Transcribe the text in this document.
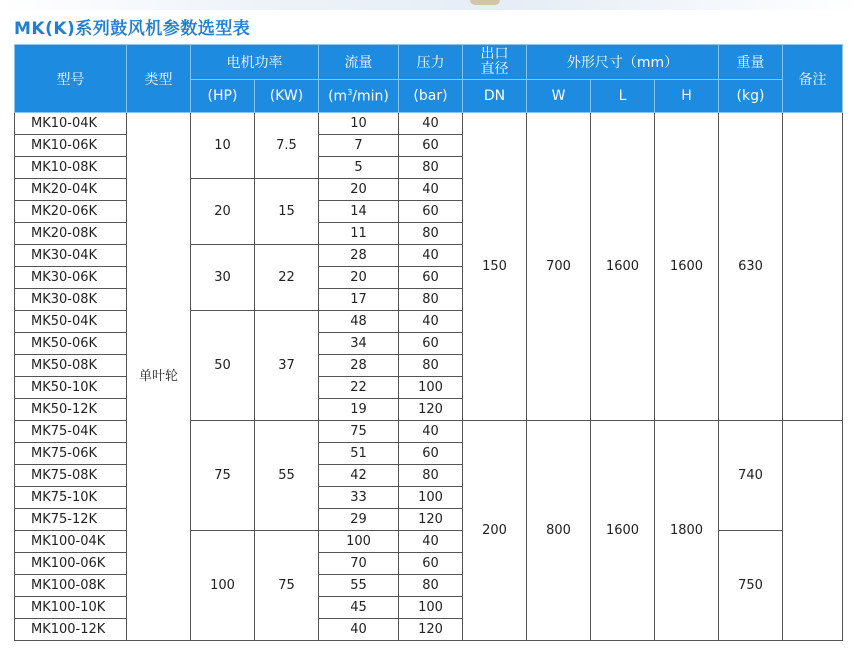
MK(K)系列鼓风机参数选型表
型号	类型	电机功率		流量	压力	出口直径	外形尺寸（mm）			重量	备注
		(HP)	(KW)	$(m^3/\min)$	(bar)	DN	W	L	H	(kg)	
MK10-04K	单叶轮	10	7.5	10	40	150	700	1600	1600	630	
MK10-06K				7	60						
MK10-08K				5	80						
MK20-04K		20	15	20	40						
MK20-06K				14	60						
MK20-08K				11	80						
MK30-04K		30	22	28	40						
MK30-06K				20	60						
MK30-08K				17	80						
MK50-04K		50	37	48	40						
MK50-06K				34	60						
MK50-08K				28	80						
MK50-10K				22	100						
MK50-12K				19	120						
MK75-04K		75	55	75	40	200	800	1600	1800	740	
MK75-06K				51	60						
MK75-08K				42	80						
MK75-10K				33	100						
MK75-12K				29	120						
MK100-04K		100	75	100	40					750	
MK100-06K				70	60						
MK100-08K				55	80						
MK100-10K				45	100						
MK100-12K				40	120						
